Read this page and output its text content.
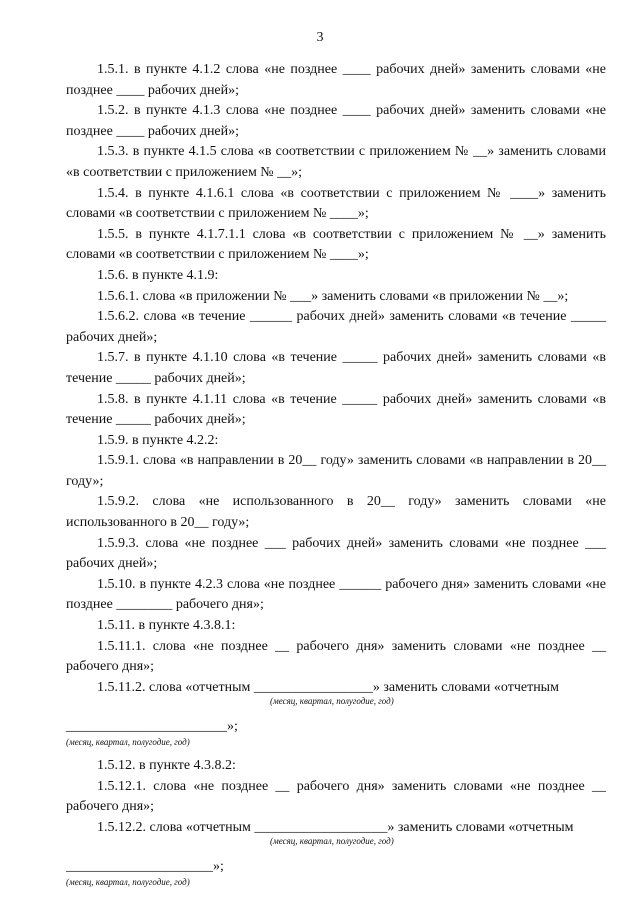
3

1.5.1. в пункте 4.1.2 слова «не позднее ____ рабочих дней» заменить словами «не позднее ____ рабочих дней»;

1.5.2. в пункте 4.1.3 слова «не позднее ____ рабочих дней» заменить словами «не позднее ____ рабочих дней»;

1.5.3. в пункте 4.1.5 слова «в соответствии с приложением № __» заменить словами «в соответствии с приложением № __»;

1.5.4. в пункте 4.1.6.1 слова «в соответствии с приложением № ____» заменить словами «в соответствии с приложением № ____»;

1.5.5. в пункте 4.1.7.1.1 слова «в соответствии с приложением № __» заменить словами «в соответствии с приложением № ____»;

1.5.6. в пункте 4.1.9:

1.5.6.1. слова «в приложении № ___» заменить словами «в приложении № __»;

1.5.6.2. слова «в течение ______ рабочих дней» заменить словами «в течение _____ рабочих дней»;

1.5.7. в пункте 4.1.10 слова «в течение _____ рабочих дней» заменить словами «в течение _____ рабочих дней»;

1.5.8. в пункте 4.1.11 слова «в течение _____ рабочих дней» заменить словами «в течение _____ рабочих дней»;

1.5.9. в пункте 4.2.2:

1.5.9.1. слова «в направлении в 20__ году» заменить словами «в направлении в 20__ году»;

1.5.9.2. слова «не использованного в 20__ году» заменить словами «не использованного в 20__ году»;

1.5.9.3. слова «не позднее ___ рабочих дней» заменить словами «не позднее ___ рабочих дней»;

1.5.10. в пункте 4.2.3 слова «не позднее ______ рабочего дня» заменить словами «не позднее ________ рабочего дня»;

1.5.11. в пункте 4.3.8.1:

1.5.11.1. слова «не позднее __ рабочего дня» заменить словами «не позднее __ рабочего дня»;

1.5.11.2. слова «отчетным _________________» заменить словами «отчетным

(месяц, квартал, полугодие, год)

_______________________»;

(месяц, квартал, полугодие, год)

1.5.12. в пункте 4.3.8.2:

1.5.12.1. слова «не позднее __ рабочего дня» заменить словами «не позднее __ рабочего дня»;

1.5.12.2. слова «отчетным ___________________» заменить словами «отчетным

(месяц, квартал, полугодие, год)

_____________________»;

(месяц, квартал, полугодие, год)
